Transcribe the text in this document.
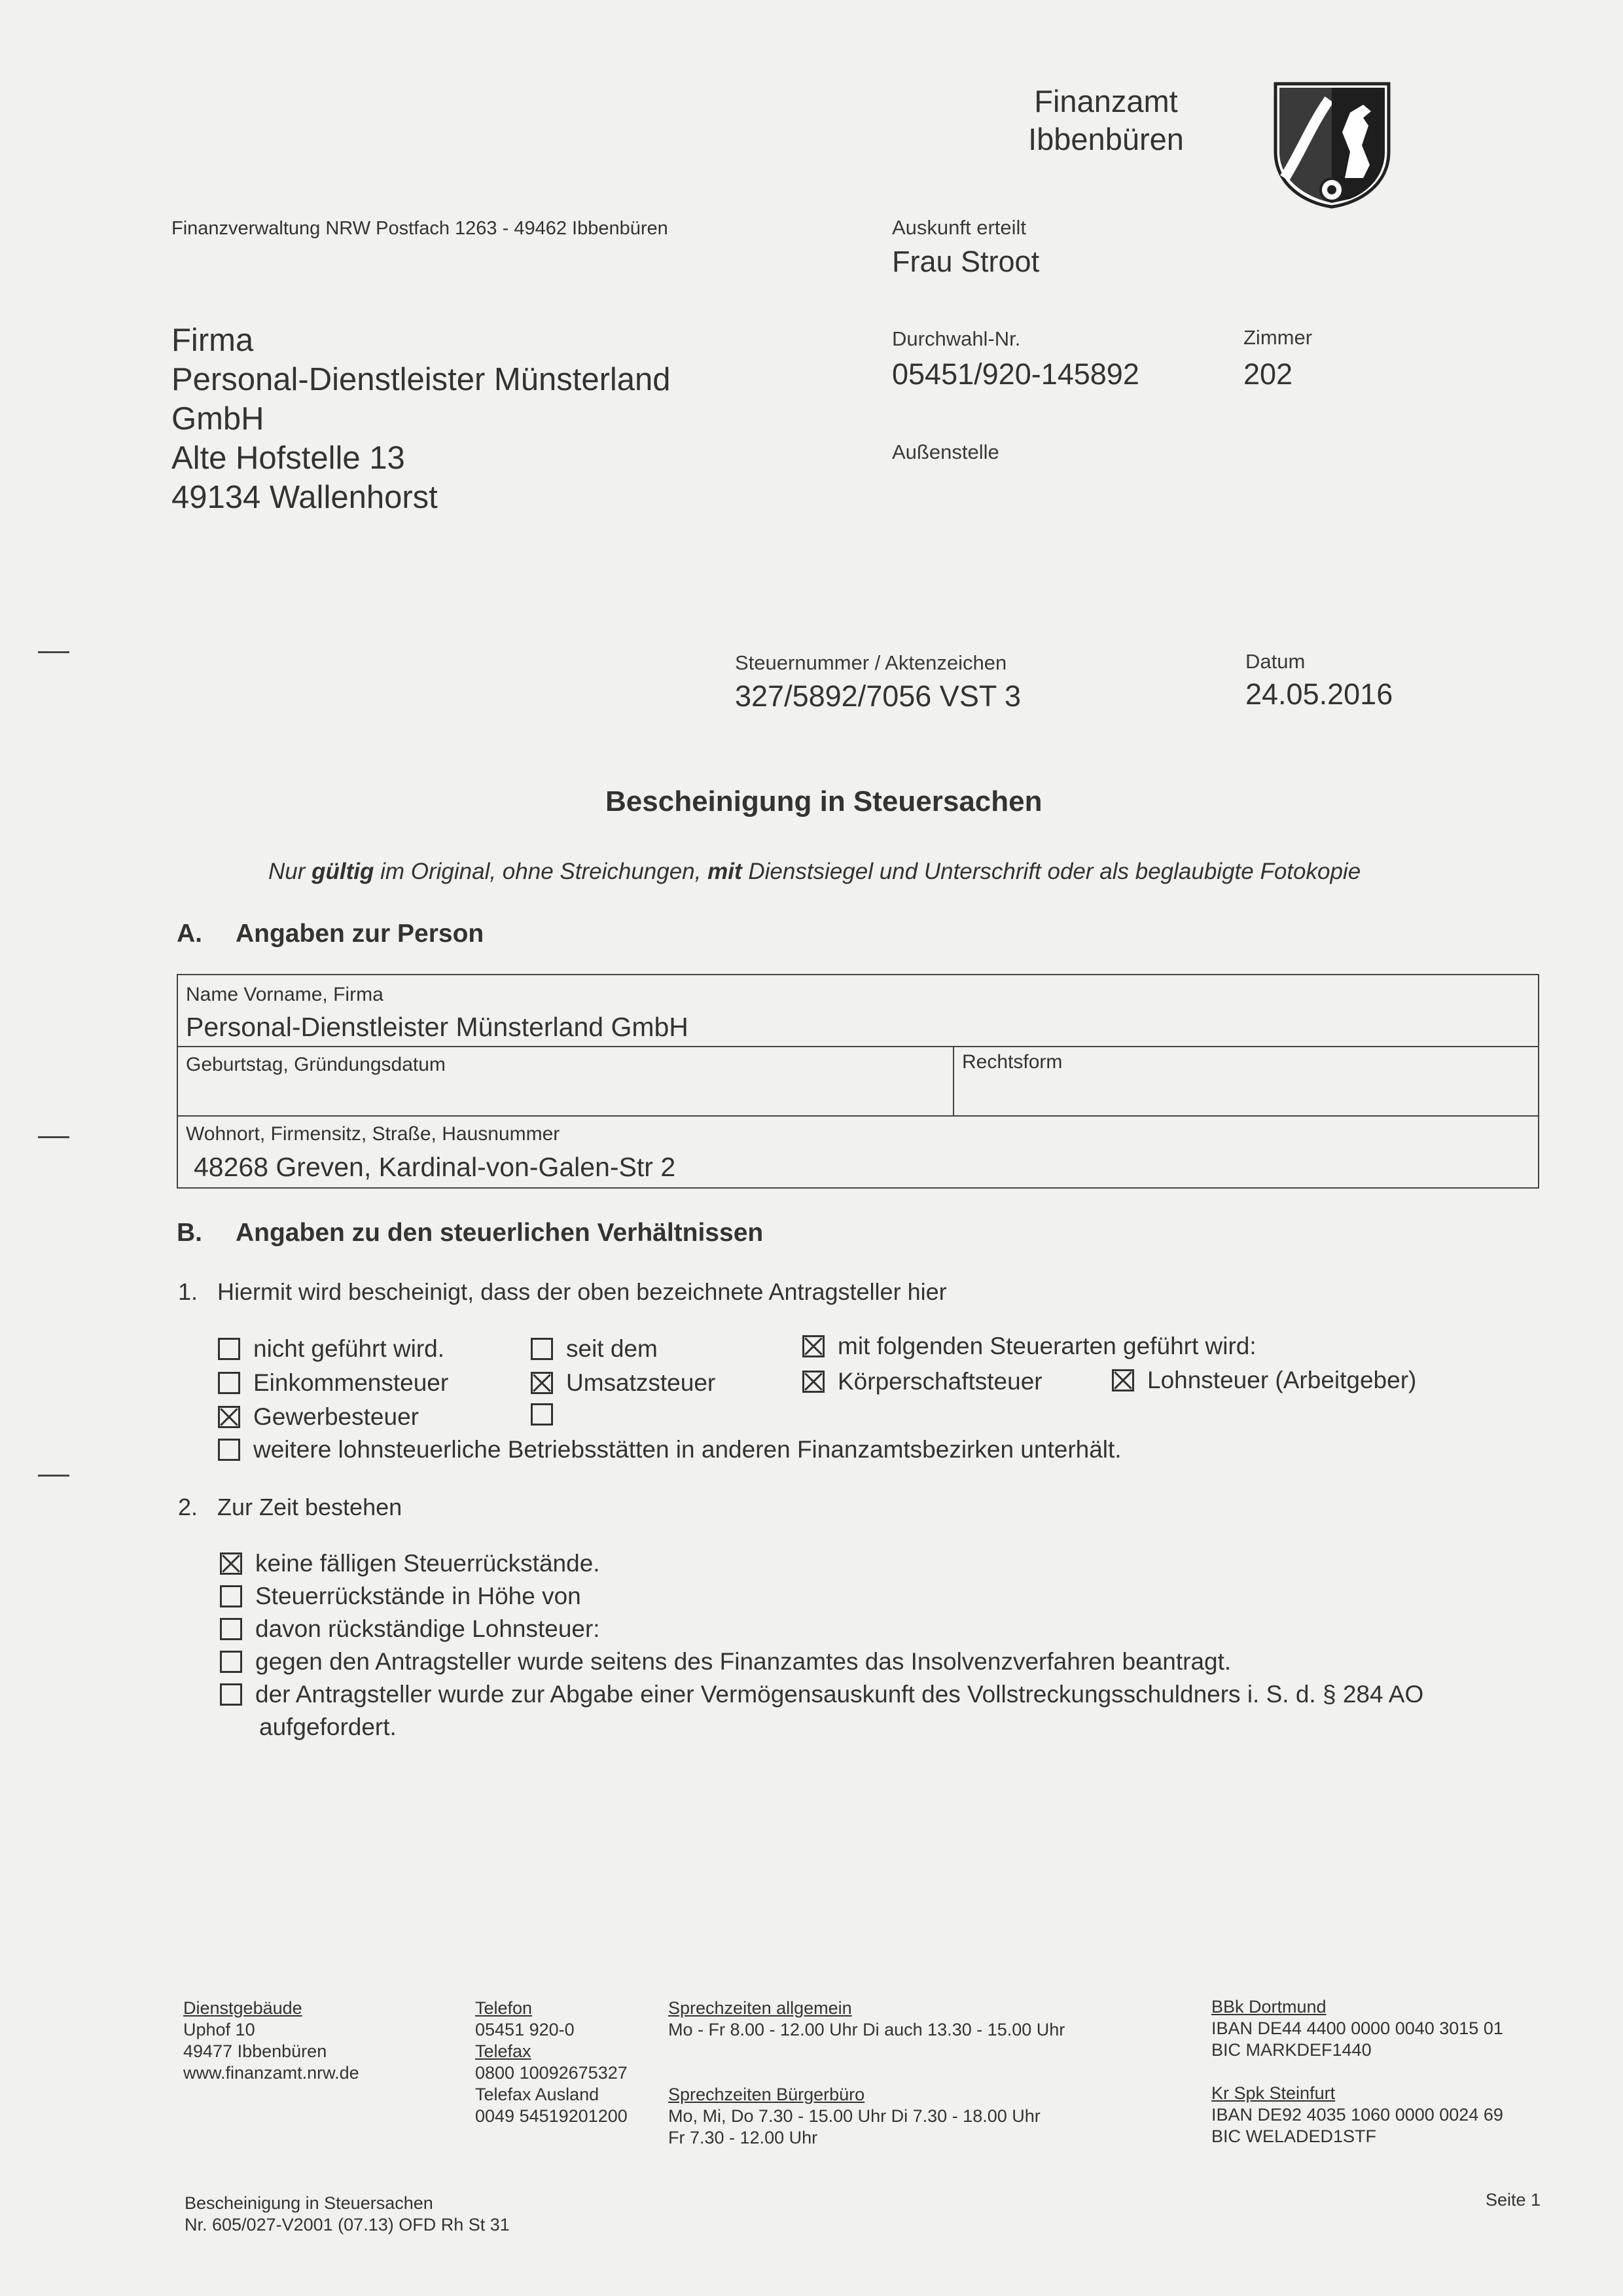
Finanzamt
Ibbenbüren
Finanzverwaltung NRW Postfach 1263 - 49462 Ibbenbüren	Auskunft erteilt
Frau Stroot
Firma
Personal-Dienstleister Münsterland
GmbH
Alte Hofstelle 13
49134 Wallenhorst
Durchwahl-Nr.
05451/920-145892
Zimmer
202
Außenstelle
Steuernummer / Aktenzeichen
327/5892/7056 VST 3
Datum
24.05.2016
Bescheinigung in Steuersachen
Nur gültig im Original, ohne Streichungen, mit Dienstsiegel und Unterschrift oder als beglaubigte Fotokopie
A. Angaben zur Person
Name Vorname, Firma
Personal-Dienstleister Münsterland GmbH
Geburtstag, Gründungsdatum	Rechtsform
Wohnort, Firmensitz, Straße, Hausnummer
48268 Greven, Kardinal-von-Galen-Str 2
B. Angaben zu den steuerlichen Verhältnissen
1. Hiermit wird bescheinigt, dass der oben bezeichnete Antragsteller hier
nicht geführt wird.	seit dem	mit folgenden Steuerarten geführt wird:
Einkommensteuer	Umsatzsteuer	Körperschaftsteuer	Lohnsteuer (Arbeitgeber)
Gewerbesteuer
weitere lohnsteuerliche Betriebsstätten in anderen Finanzamtsbezirken unterhält.
2. Zur Zeit bestehen
keine fälligen Steuerrückstände.
Steuerrückstände in Höhe von
davon rückständige Lohnsteuer:
gegen den Antragsteller wurde seitens des Finanzamtes das Insolvenzverfahren beantragt.
der Antragsteller wurde zur Abgabe einer Vermögensauskunft des Vollstreckungsschuldners i. S. d. § 284 AO
aufgefordert.
Dienstgebäude
Uphof 10
49477 Ibbenbüren
www.finanzamt.nrw.de
Telefon
05451 920-0
Telefax
0800 10092675327
Telefax Ausland
0049 54519201200
Sprechzeiten allgemein
Mo - Fr 8.00 - 12.00 Uhr Di auch 13.30 - 15.00 Uhr
Sprechzeiten Bürgerbüro
Mo, Mi, Do 7.30 - 15.00 Uhr Di 7.30 - 18.00 Uhr
Fr 7.30 - 12.00 Uhr
BBk Dortmund
IBAN DE44 4400 0000 0040 3015 01
BIC MARKDEF1440
Kr Spk Steinfurt
IBAN DE92 4035 1060 0000 0024 69
BIC WELADED1STF
Bescheinigung in Steuersachen
Nr. 605/027-V2001 (07.13) OFD Rh St 31
Seite 1
